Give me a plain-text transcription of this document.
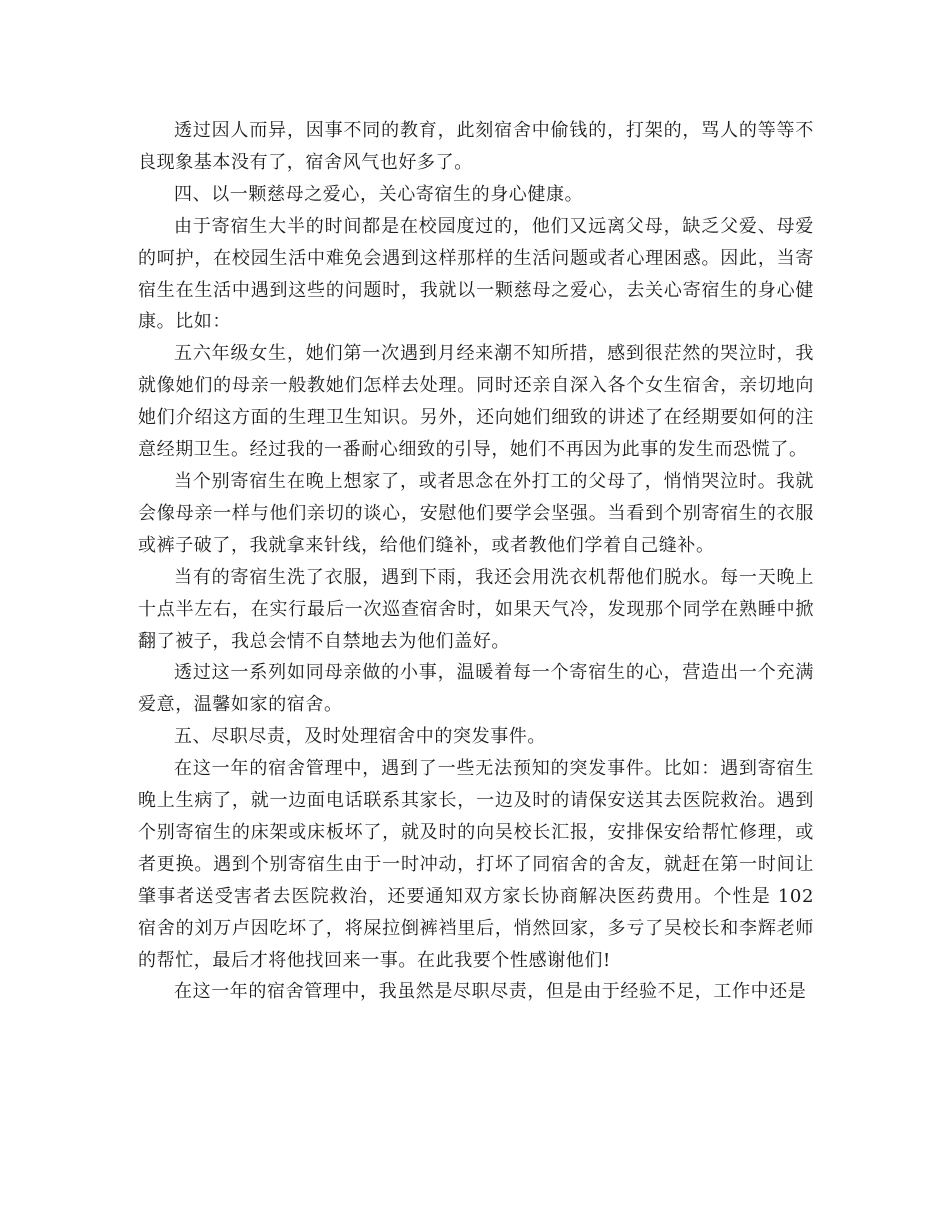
透过因人而异，因事不同的教育，此刻宿舍中偷钱的，打架的，骂人的等等不良现象基本没有了，宿舍风气也好多了。

四、以一颗慈母之爱心，关心寄宿生的身心健康。

由于寄宿生大半的时间都是在校园度过的，他们又远离父母，缺乏父爱、母爱的呵护，在校园生活中难免会遇到这样那样的生活问题或者心理困惑。因此，当寄宿生在生活中遇到这些的问题时，我就以一颗慈母之爱心，去关心寄宿生的身心健康。比如：

五六年级女生，她们第一次遇到月经来潮不知所措，感到很茫然的哭泣时，我就像她们的母亲一般教她们怎样去处理。同时还亲自深入各个女生宿舍，亲切地向她们介绍这方面的生理卫生知识。另外，还向她们细致的讲述了在经期要如何的注意经期卫生。经过我的一番耐心细致的引导，她们不再因为此事的发生而恐慌了。

当个别寄宿生在晚上想家了，或者思念在外打工的父母了，悄悄哭泣时。我就会像母亲一样与他们亲切的谈心，安慰他们要学会坚强。当看到个别寄宿生的衣服或裤子破了，我就拿来针线，给他们缝补，或者教他们学着自己缝补。

当有的寄宿生洗了衣服，遇到下雨，我还会用洗衣机帮他们脱水。每一天晚上十点半左右，在实行最后一次巡查宿舍时，如果天气冷，发现那个同学在熟睡中掀翻了被子，我总会情不自禁地去为他们盖好。

透过这一系列如同母亲做的小事，温暖着每一个寄宿生的心，营造出一个充满爱意，温馨如家的宿舍。

五、尽职尽责，及时处理宿舍中的突发事件。

在这一年的宿舍管理中，遇到了一些无法预知的突发事件。比如：遇到寄宿生晚上生病了，就一边面电话联系其家长，一边及时的请保安送其去医院救治。遇到个别寄宿生的床架或床板坏了，就及时的向吴校长汇报，安排保安给帮忙修理，或者更换。遇到个别寄宿生由于一时冲动，打坏了同宿舍的舍友，就赶在第一时间让肇事者送受害者去医院救治，还要通知双方家长协商解决医药费用。个性是 102 宿舍的刘万卢因吃坏了，将屎拉倒裤裆里后，悄然回家，多亏了吴校长和李辉老师的帮忙，最后才将他找回来一事。在此我要个性感谢他们!

在这一年的宿舍管理中，我虽然是尽职尽责，但是由于经验不足，工作中还是
